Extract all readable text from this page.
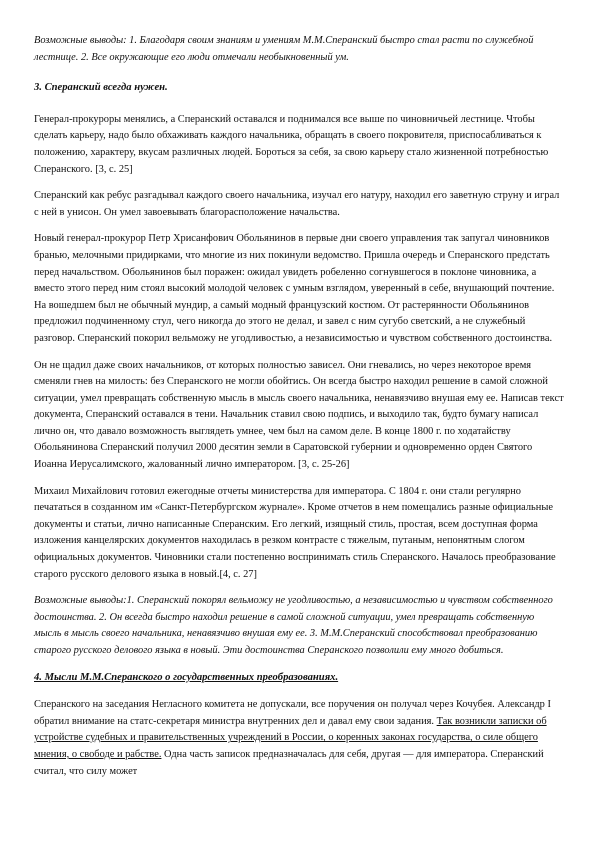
Возможные выводы: 1. Благодаря своим знаниям и умениям М.М.Сперанский быстро стал расти по служебной лестнице. 2. Все окружающие его люди отмечали необыкновенный ум.

3. Сперанский всегда нужен.

Генерал-прокуроры менялись, а Сперанский оставался и поднимался все выше по чиновничьей лестнице. Чтобы сделать карьеру, надо было обхаживать каждого начальника, обращать в своего покровителя, приспосабливаться к положению, характеру, вкусам различных людей. Бороться за себя, за свою карьеру стало жизненной потребностью Сперанского. [3, с. 25]

Сперанский как ребус разгадывал каждого своего начальника, изучал его натуру, находил его заветную струну и играл с ней в унисон. Он умел завоевывать благорасположение начальства.

Новый генерал-прокурор Петр Хрисанфович Обольянинов в первые дни своего управления так запугал чиновников бранью, мелочными придирками, что многие из них покинули ведомство. Пришла очередь и Сперанского предстать перед начальством. Обольянинов был поражен: ожидал увидеть робеленно согнувшегося в поклоне чиновника, а вместо этого перед ним стоял высокий молодой человек с умным взглядом, уверенный в себе, внушающий почтение. На вошедшем был не обычный мундир, а самый модный французский костюм. От растерянности Обольянинов предложил подчиненному стул, чего никогда до этого не делал, и завел с ним сугубо светский, а не служебный разговор. Сперанский покорил вельможу не угодливостью, а независимостью и чувством собственного достоинства.

Он не щадил даже своих начальников, от которых полностью зависел. Они гневались, но через некоторое время сменяли гнев на милость: без Сперанского не могли обойтись. Он всегда быстро находил решение в самой сложной ситуации, умел превращать собственную мысль в мысль своего начальника, ненавязчиво внушая ему ее. Написав текст документа, Сперанский оставался в тени. Начальник ставил свою подпись, и выходило так, будто бумагу написал лично он, что давало возможность выглядеть умнее, чем был на самом деле. В конце 1800 г. по ходатайству Обольянинова Сперанский получил 2000 десятин земли в Саратовской губернии и одновременно орден Святого Иоанна Иерусалимского, жалованный лично императором. [3, с. 25-26]

Михаил Михайлович готовил ежегодные отчеты министерства для императора. С 1804 г. они стали регулярно печататься в созданном им «Санкт-Петербургском журнале». Кроме отчетов в нем помещались разные официальные документы и статьи, лично написанные Сперанским. Его легкий, изящный стиль, простая, всем доступная форма изложения канцелярских документов находилась в резком контрасте с тяжелым, путаным, непонятным слогом официальных документов. Чиновники стали постепенно воспринимать стиль Сперанского. Началось преобразование старого русского делового языка в новый.[4, с. 27]

Возможные выводы:1. Сперанский покорял вельможу не угодливостью, а независимостью и чувством собственного достоинства. 2. Он всегда быстро находил решение в самой сложной ситуации, умел превращать собственную мысль в мысль своего начальника, ненавязчиво внушая ему ее. 3. М.М.Сперанский способствовал преобразованию старого русского делового языка в новый. Эти достоинства Сперанского позволили ему много добиться.

4. Мысли М.М.Сперанского о государственных преобразованиях.

Сперанского на заседания Негласного комитета не допускали, все поручения он получал через Кочубея. Александр I обратил внимание на статс-секретаря министра внутренних дел и давал ему свои задания. Так возникли записки об устройстве судебных и правительственных учреждений в России, о коренных законах государства, о силе общего мнения, о свободе и рабстве. Одна часть записок предназначалась для себя, другая — для императора. Сперанский считал, что силу может
